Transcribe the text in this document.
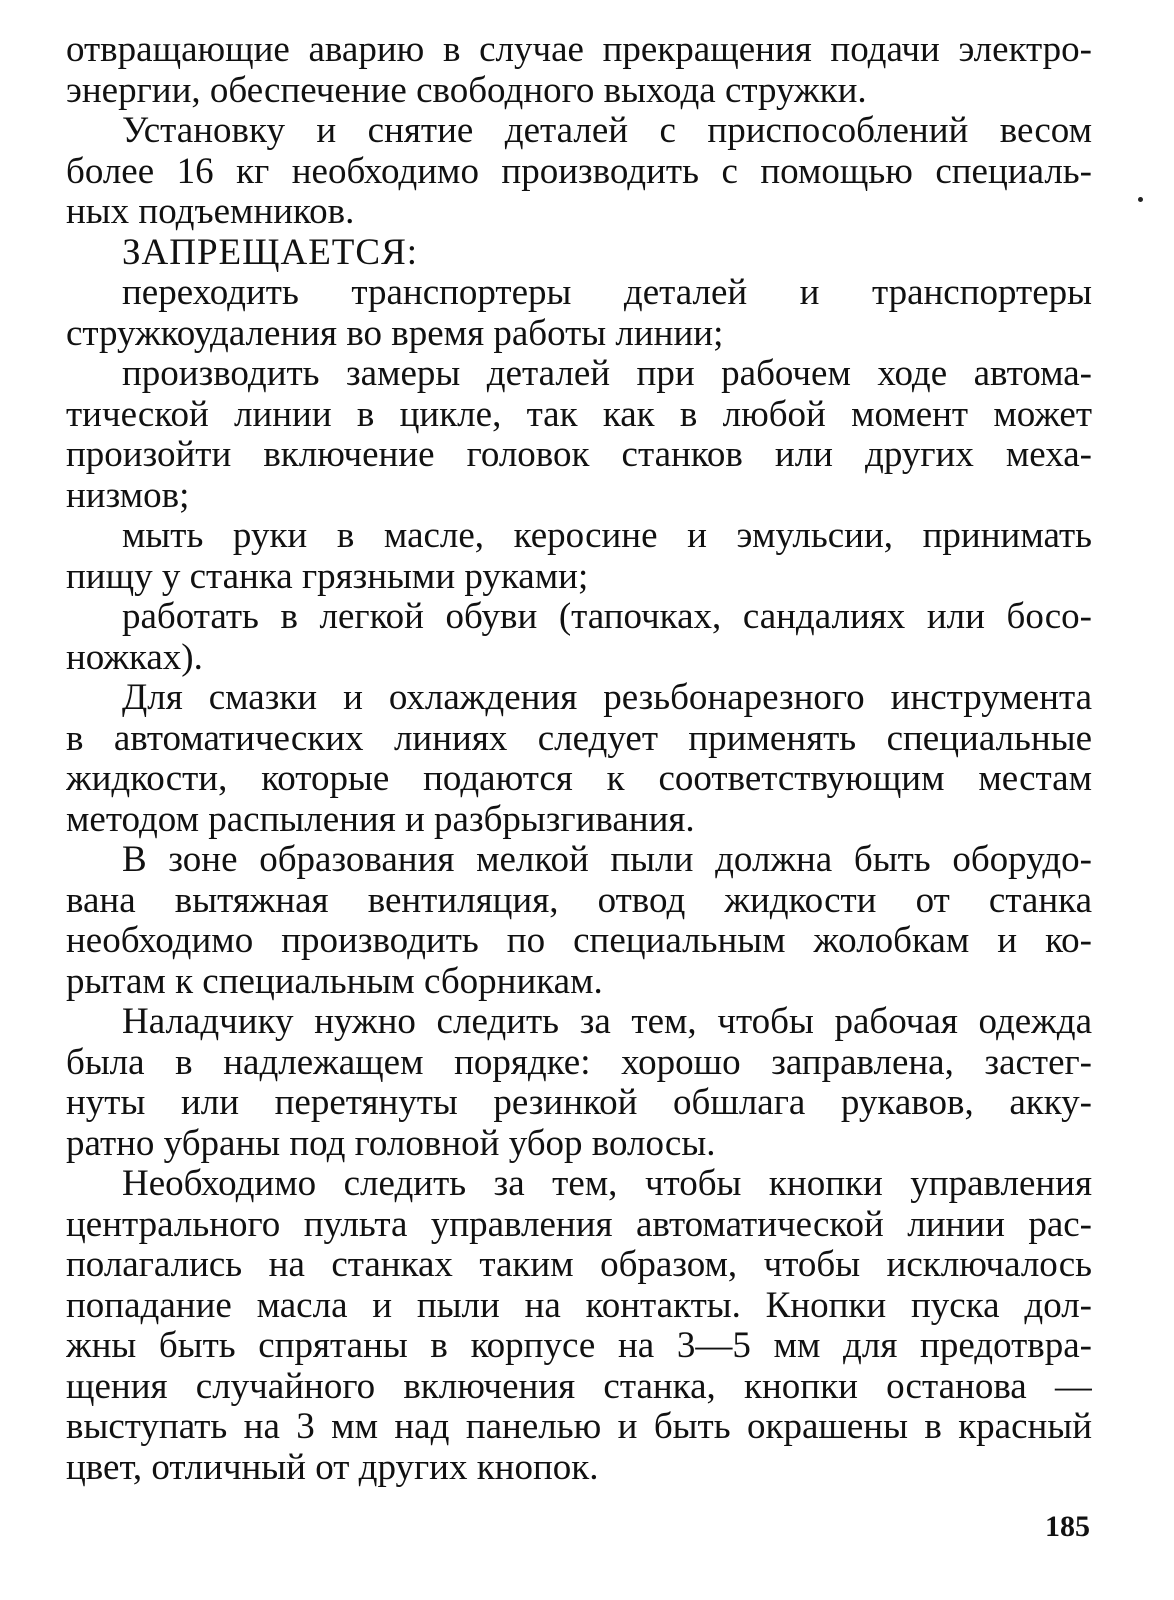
отвращающие аварию в случае прекращения подачи электро-
энергии, обеспечение свободного выхода стружки.
Установку и снятие деталей с приспособлений весом
более 16 кг необходимо производить с помощью специаль-
ных подъемников.
ЗАПРЕЩАЕТСЯ:
переходить транспортеры деталей и транспортеры
стружкоудаления во время работы линии;
производить замеры деталей при рабочем ходе автома-
тической линии в цикле, так как в любой момент может
произойти включение головок станков или других меха-
низмов;
мыть руки в масле, керосине и эмульсии, принимать
пищу у станка грязными руками;
работать в легкой обуви (тапочках, сандалиях или босо-
ножках).
Для смазки и охлаждения резьбонарезного инструмента
в автоматических линиях следует применять специальные
жидкости, которые подаются к соответствующим местам
методом распыления и разбрызгивания.
В зоне образования мелкой пыли должна быть оборудо-
вана вытяжная вентиляция, отвод жидкости от станка
необходимо производить по специальным жолобкам и ко-
рытам к специальным сборникам.
Наладчику нужно следить за тем, чтобы рабочая одежда
была в надлежащем порядке: хорошо заправлена, застег-
нуты или перетянуты резинкой обшлага рукавов, акку-
ратно убраны под головной убор волосы.
Необходимо следить за тем, чтобы кнопки управления
центрального пульта управления автоматической линии рас-
полагались на станках таким образом, чтобы исключалось
попадание масла и пыли на контакты. Кнопки пуска дол-
жны быть спрятаны в корпусе на 3—5 мм для предотвра-
щения случайного включения станка, кнопки останова —
выступать на 3 мм над панелью и быть окрашены в красный
цвет, отличный от других кнопок.
185
